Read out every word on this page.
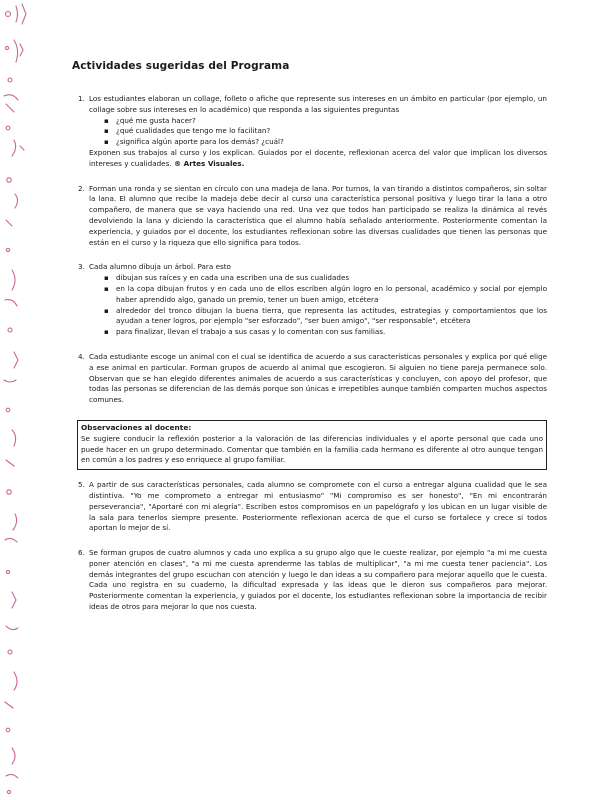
Actividades sugeridas del Programa
1. Los estudiantes elaboran un collage, folleto o afiche que represente sus intereses en un ámbito en particular (por ejemplo, un collage sobre sus intereses en lo académico) que responda a las siguientes preguntas

▪ ¿qué me gusta hacer?
▪ ¿qué cualidades que tengo me lo facilitan?
▪ ¿significa algún aporte para los demás? ¿cuál?

Exponen sus trabajos al curso y los explican. Guiados por el docente, reflexionan acerca del valor que implican los diversos intereses y cualidades. ® Artes Visuales.

2. Forman una ronda y se sientan en círculo con una madeja de lana. Por turnos, la van tirando a distintos compañeros, sin soltar la lana. El alumno que recibe la madeja debe decir al curso una característica personal positiva y luego tirar la lana a otro compañero, de manera que se vaya haciendo una red. Una vez que todos han participado se realiza la dinámica al revés devolviendo la lana y diciendo la característica que el alumno había señalado anteriormente. Posteriormente comentan la experiencia, y guiados por el docente, los estudiantes reflexionan sobre las diversas cualidades que tienen las personas que están en el curso y la riqueza que ello significa para todos.

3. Cada alumno dibuja un árbol. Para esto

▪ dibujan sus raíces y en cada una escriben una de sus cualidades
▪ en la copa dibujan frutos y en cada uno de ellos escriben algún logro en lo personal, académico y social por ejemplo haber aprendido algo, ganado un premio, tener un buen amigo, etcétera
▪ alrededor del tronco dibujan la buena tierra, que representa las actitudes, estrategias y comportamientos que los ayudan a tener logros, por ejemplo "ser esforzado", "ser buen amigo", "ser responsable", etcétera
▪ para finalizar, llevan el trabajo a sus casas y lo comentan con sus familias.
4. Cada estudiante escoge un animal con el cual se identifica de acuerdo a sus características personales y explica por qué elige a ese animal en particular. Forman grupos de acuerdo al animal que escogieron. Si alguien no tiene pareja permanece solo. Observan que se han elegido diferentes animales de acuerdo a sus características y concluyen, con apoyo del profesor, que todas las personas se diferencian de las demás porque son únicas e irrepetibles aunque también comparten muchos aspectos comunes.

Observaciones al docente:

Se sugiere conducir la reflexión posterior a la valoración de las diferencias individuales y el aporte personal que cada uno puede hacer en un grupo determinado. Comentar que también en la familia cada hermano es diferente al otro aunque tengan en común a los padres y eso enriquece al grupo familiar.

5. A partir de sus características personales, cada alumno se compromete con el curso a entregar alguna cualidad que le sea distintiva. "Yo me comprometo a entregar mi entusiasmo" "Mi compromiso es ser honesto", "En mi encontrarán perseverancia", "Aportaré con mi alegría". Escriben estos compromisos en un papelógrafo y los ubican en un lugar visible de la sala para tenerlos siempre presente. Posteriormente reflexionan acerca de que el curso se fortalece y crece si todos aportan lo mejor de sí.

6. Se forman grupos de cuatro alumnos y cada uno explica a su grupo algo que le cueste realizar, por ejemplo "a mi me cuesta poner atención en clases", "a mi me cuesta aprenderme las tablas de multiplicar", "a mi me cuesta tener paciencia". Los demás integrantes del grupo escuchan con atención y luego le dan ideas a su compañero para mejorar aquello que le cuesta. Cada uno registra en su cuaderno, la dificultad expresada y las ideas que le dieron sus compañeros para mejorar. Posteriormente comentan la experiencia, y guiados por el docente, los estudiantes reflexionan sobre la importancia de recibir ideas de otros para mejorar lo que nos cuesta.
